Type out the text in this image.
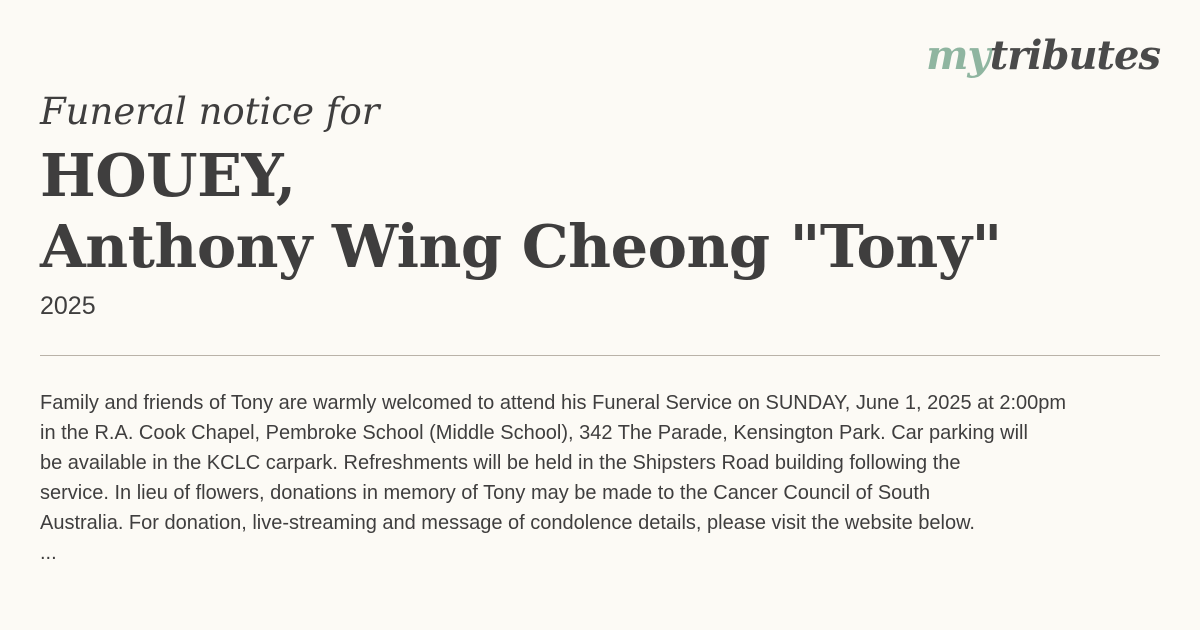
mytributes

Funeral notice for

HOUEY,
Anthony Wing Cheong "Tony"
2025
Family and friends of Tony are warmly welcomed to attend his Funeral Service on SUNDAY, June 1, 2025 at 2:00pm
in the R.A. Cook Chapel, Pembroke School (Middle School), 342 The Parade, Kensington Park. Car parking will
be available in the KCLC carpark. Refreshments will be held in the Shipsters Road building following the
service. In lieu of flowers, donations in memory of Tony may be made to the Cancer Council of South
Australia. For donation, live-streaming and message of condolence details, please visit the website below.
...
